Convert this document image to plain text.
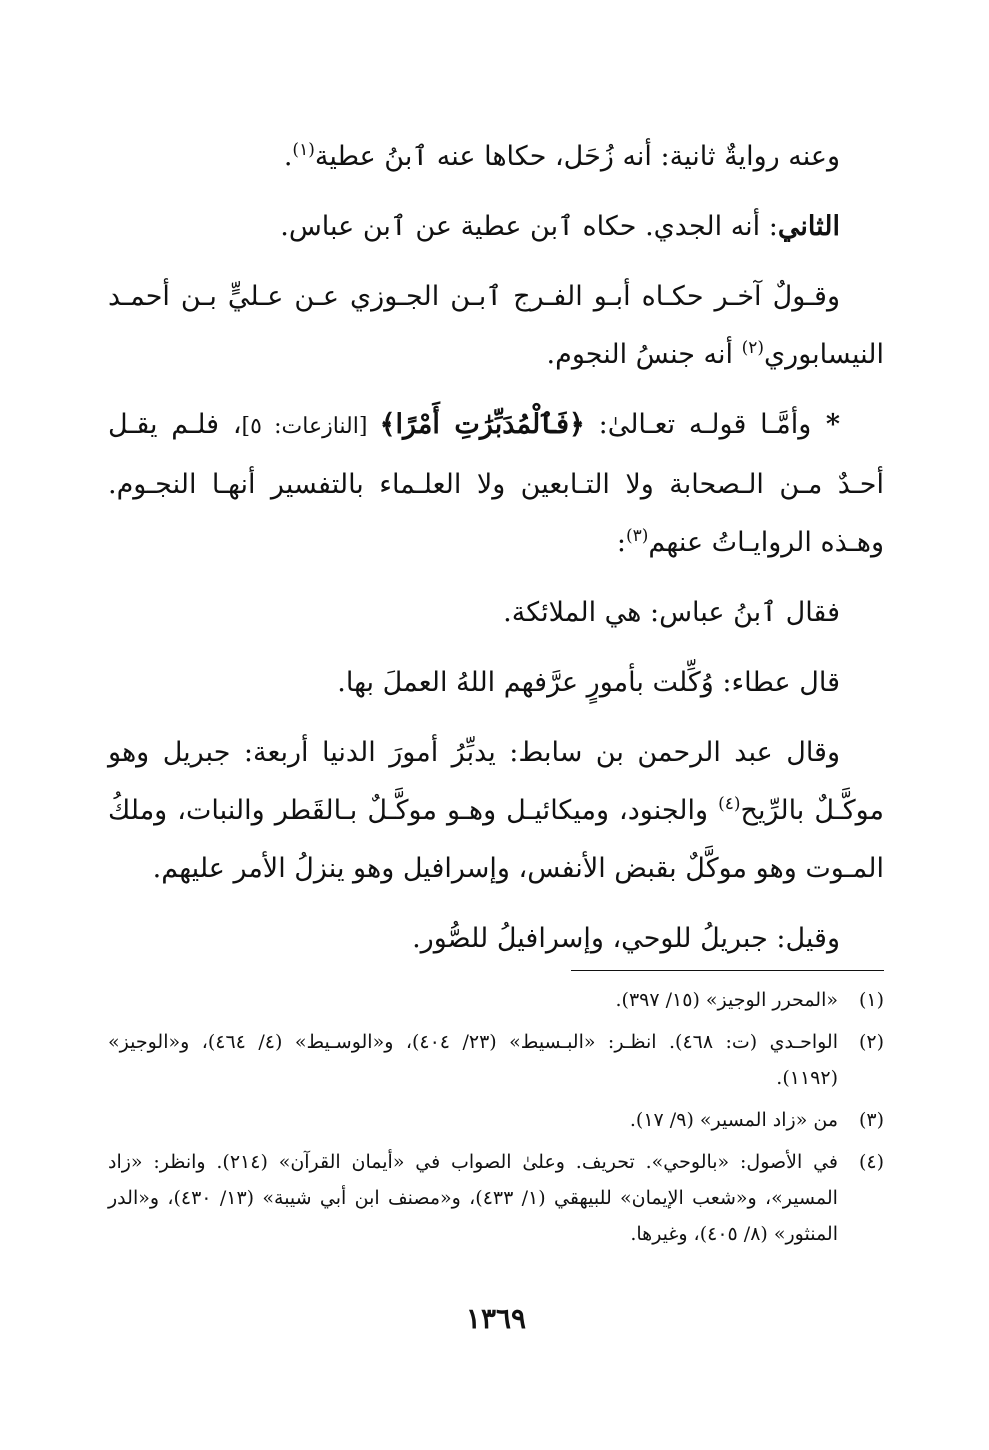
وعنه روايةٌ ثانية: أنه زُحَل، حكاها عنه ٱبنُ عطية$^{(١)}$.

الثاني: أنه الجدي. حكاه ٱبن عطية عن ٱبن عباس.

وقـولٌ آخـر حكـاه أبـو الفـرج ٱبـن الجـوزي عـن عـليٍّ بـن أحمـد النيسابوري$^{(٢)}$ أنه جنسُ النجوم.

* وأمَّـا قولـه تعـالىٰ: ﴿فَٱلْمُدَبِّرَٰتِ أَمْرًا﴾ [النازعات: ٥]، فلـم يقـل أحـدٌ مـن الـصحابة ولا التـابعين ولا العلـماء بالتفسير أنهـا النجـوم. وهـذه الروايـاتُ عنهم$^{(٣)}$:

فقال ٱبنُ عباس: هي الملائكة.

قال عطاء: وُكِّلت بأمورٍ عرَّفهم اللهُ العملَ بها.

وقال عبد الرحمن بن سابط: يدبِّرُ أمورَ الدنيا أربعة: جبريل وهو موكَّـلٌ بالرِّيح$^{(٤)}$ والجنود، وميكائيـل وهـو موكَّـلٌ بـالقَطر والنبات، وملكُ المـوت وهو موكَّلٌ بقبض الأنفس، وإسرافيل وهو ينزلُ الأمر عليهم.

وقيل: جبريلُ للوحي، وإسرافيلُ للصُّور.

(١)
«المحرر الوجيز» (١٥/ ٣٩٧).
(٢)
الواحـدي (ت: ٤٦٨). انظـر: «البـسيط» (٢٣/ ٤٠٤)، و«الوسـيط» (٤/ ٤٦٤)، و«الوجيز» (١١٩٢).
(٣)
من «زاد المسير» (٩/ ١٧).
(٤)
في الأصول: «بالوحي». تحريف. وعلىٰ الصواب في «أيمان القرآن» (٢١٤). وانظر: «زاد المسير»، و«شعب الإيمان» للبيهقي (١/ ٤٣٣)، و«مصنف ابن أبي شيبة» (١٣/ ٤٣٠)، و«الدر المنثور» (٨/ ٤٠٥)، وغيرها.
١٣٦٩
